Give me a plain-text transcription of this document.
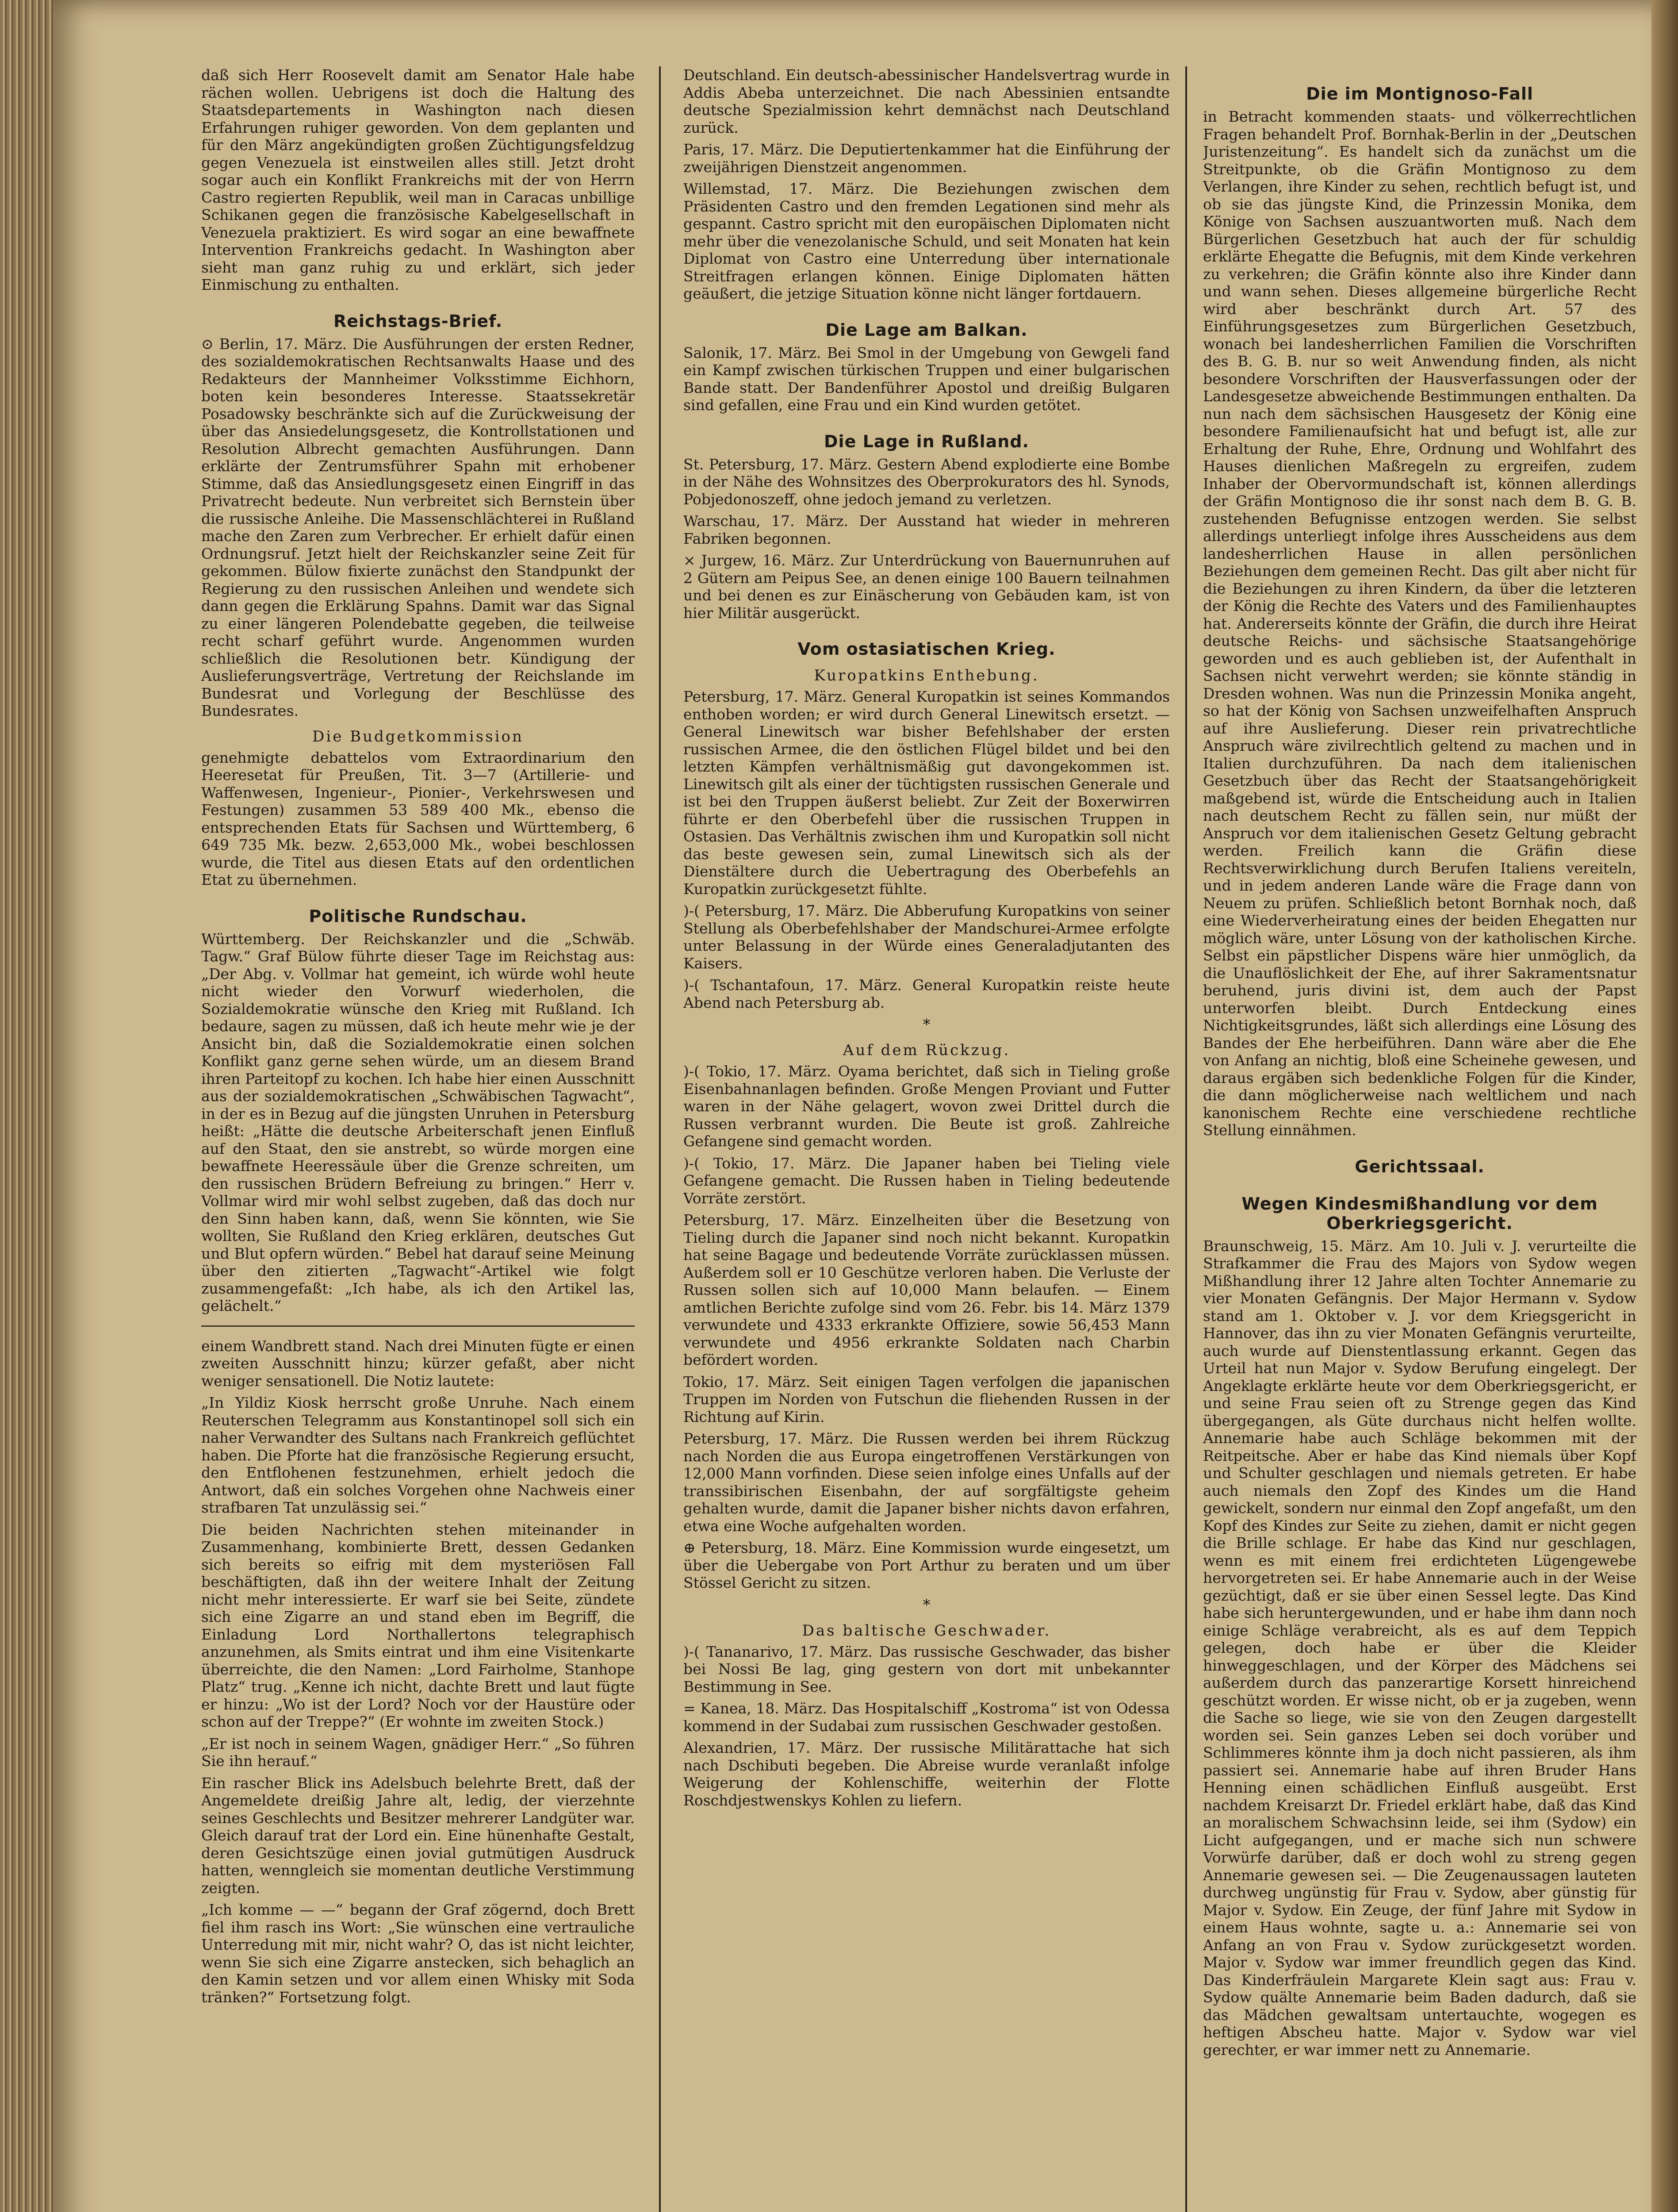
daß sich Herr Roosevelt damit am Senator Hale habe rächen wollen. Uebrigens ist doch die Haltung des Staatsdepartements in Washington nach diesen Erfahrungen ruhiger geworden. Von dem geplanten und für den März angekündigten großen Züchtigungsfeldzug gegen Venezuela ist einstweilen alles still. Jetzt droht sogar auch ein Konflikt Frankreichs mit der von Herrn Castro regierten Republik, weil man in Caracas unbillige Schikanen gegen die französische Kabelgesellschaft in Venezuela praktiziert. Es wird sogar an eine bewaffnete Intervention Frankreichs gedacht. In Washington aber sieht man ganz ruhig zu und erklärt, sich jeder Einmischung zu enthalten.

Reichstags-Brief.

⊙ Berlin, 17. März. Die Ausführungen der ersten Redner, des sozialdemokratischen Rechtsanwalts Haase und des Redakteurs der Mannheimer Volksstimme Eichhorn, boten kein besonderes Interesse. Staatssekretär Posadowsky beschränkte sich auf die Zurückweisung der über das Ansiedelungsgesetz, die Kontrollstationen und Resolution Albrecht gemachten Ausführungen. Dann erklärte der Zentrumsführer Spahn mit erhobener Stimme, daß das Ansiedlungsgesetz einen Eingriff in das Privatrecht bedeute. Nun verbreitet sich Bernstein über die russische Anleihe. Die Massenschlächterei in Rußland mache den Zaren zum Verbrecher. Er erhielt dafür einen Ordnungsruf. Jetzt hielt der Reichskanzler seine Zeit für gekommen. Bülow fixierte zunächst den Standpunkt der Regierung zu den russischen Anleihen und wendete sich dann gegen die Erklärung Spahns. Damit war das Signal zu einer längeren Polendebatte gegeben, die teilweise recht scharf geführt wurde. Angenommen wurden schließlich die Resolutionen betr. Kündigung der Auslieferungsverträge, Vertretung der Reichslande im Bundesrat und Vorlegung der Beschlüsse des Bundesrates.

Die Budgetkommission

genehmigte debattelos vom Extraordinarium den Heeresetat für Preußen, Tit. 3—7 (Artillerie- und Waffenwesen, Ingenieur-, Pionier-, Verkehrswesen und Festungen) zusammen 53 589 400 Mk., ebenso die entsprechenden Etats für Sachsen und Württemberg, 6 649 735 Mk. bezw. 2,653,000 Mk., wobei beschlossen wurde, die Titel aus diesen Etats auf den ordentlichen Etat zu übernehmen.

Politische Rundschau.

Württemberg. Der Reichskanzler und die „Schwäb. Tagw.“ Graf Bülow führte dieser Tage im Reichstag aus: „Der Abg. v. Vollmar hat gemeint, ich würde wohl heute nicht wieder den Vorwurf wiederholen, die Sozialdemokratie wünsche den Krieg mit Rußland. Ich bedaure, sagen zu müssen, daß ich heute mehr wie je der Ansicht bin, daß die Sozialdemokratie einen solchen Konflikt ganz gerne sehen würde, um an diesem Brand ihren Parteitopf zu kochen. Ich habe hier einen Ausschnitt aus der sozialdemokratischen „Schwäbischen Tagwacht“, in der es in Bezug auf die jüngsten Unruhen in Petersburg heißt: „Hätte die deutsche Arbeiterschaft jenen Einfluß auf den Staat, den sie anstrebt, so würde morgen eine bewaffnete Heeressäule über die Grenze schreiten, um den russischen Brüdern Befreiung zu bringen.“ Herr v. Vollmar wird mir wohl selbst zugeben, daß das doch nur den Sinn haben kann, daß, wenn Sie könnten, wie Sie wollten, Sie Rußland den Krieg erklären, deutsches Gut und Blut opfern würden.“ Bebel hat darauf seine Meinung über den zitierten „Tagwacht“-Artikel wie folgt zusammengefaßt: „Ich habe, als ich den Artikel las, gelächelt.“

einem Wandbrett stand. Nach drei Minuten fügte er einen zweiten Ausschnitt hinzu; kürzer gefaßt, aber nicht weniger sensationell. Die Notiz lautete:

„In Yildiz Kiosk herrscht große Unruhe. Nach einem Reuterschen Telegramm aus Konstantinopel soll sich ein naher Verwandter des Sultans nach Frankreich geflüchtet haben. Die Pforte hat die französische Regierung ersucht, den Entflohenen festzunehmen, erhielt jedoch die Antwort, daß ein solches Vorgehen ohne Nachweis einer strafbaren Tat unzulässig sei.“

Die beiden Nachrichten stehen miteinander in Zusammenhang, kombinierte Brett, dessen Gedanken sich bereits so eifrig mit dem mysteriösen Fall beschäftigten, daß ihn der weitere Inhalt der Zeitung nicht mehr interessierte. Er warf sie bei Seite, zündete sich eine Zigarre an und stand eben im Begriff, die Einladung Lord Northallertons telegraphisch anzunehmen, als Smits eintrat und ihm eine Visitenkarte überreichte, die den Namen: „Lord Fairholme, Stanhope Platz“ trug. „Kenne ich nicht, dachte Brett und laut fügte er hinzu: „Wo ist der Lord? Noch vor der Haustüre oder schon auf der Treppe?“ (Er wohnte im zweiten Stock.)

„Er ist noch in seinem Wagen, gnädiger Herr.“ „So führen Sie ihn herauf.“

Ein rascher Blick ins Adelsbuch belehrte Brett, daß der Angemeldete dreißig Jahre alt, ledig, der vierzehnte seines Geschlechts und Besitzer mehrerer Landgüter war. Gleich darauf trat der Lord ein. Eine hünenhafte Gestalt, deren Gesichtszüge einen jovial gutmütigen Ausdruck hatten, wenngleich sie momentan deutliche Verstimmung zeigten.

„Ich komme — —“ begann der Graf zögernd, doch Brett fiel ihm rasch ins Wort: „Sie wünschen eine vertrauliche Unterredung mit mir, nicht wahr? O, das ist nicht leichter, wenn Sie sich eine Zigarre anstecken, sich behaglich an den Kamin setzen und vor allem einen Whisky mit Soda tränken?“ Fortsetzung folgt.

Deutschland. Ein deutsch-abessinischer Handelsvertrag wurde in Addis Abeba unterzeichnet. Die nach Abessinien entsandte deutsche Spezialmission kehrt demnächst nach Deutschland zurück.

Paris, 17. März. Die Deputiertenkammer hat die Einführung der zweijährigen Dienstzeit angenommen.

Willemstad, 17. März. Die Beziehungen zwischen dem Präsidenten Castro und den fremden Legationen sind mehr als gespannt. Castro spricht mit den europäischen Diplomaten nicht mehr über die venezolanische Schuld, und seit Monaten hat kein Diplomat von Castro eine Unterredung über internationale Streitfragen erlangen können. Einige Diplomaten hätten geäußert, die jetzige Situation könne nicht länger fortdauern.

Die Lage am Balkan.

Salonik, 17. März. Bei Smol in der Umgebung von Gewgeli fand ein Kampf zwischen türkischen Truppen und einer bulgarischen Bande statt. Der Bandenführer Apostol und dreißig Bulgaren sind gefallen, eine Frau und ein Kind wurden getötet.

Die Lage in Rußland.

St. Petersburg, 17. März. Gestern Abend explodierte eine Bombe in der Nähe des Wohnsitzes des Oberprokurators des hl. Synods, Pobjedonoszeff, ohne jedoch jemand zu verletzen.

Warschau, 17. März. Der Ausstand hat wieder in mehreren Fabriken begonnen.

× Jurgew, 16. März. Zur Unterdrückung von Bauernunruhen auf 2 Gütern am Peipus See, an denen einige 100 Bauern teilnahmen und bei denen es zur Einäscherung von Gebäuden kam, ist von hier Militär ausgerückt.

Vom ostasiatischen Krieg.
Kuropatkins Enthebung.

Petersburg, 17. März. General Kuropatkin ist seines Kommandos enthoben worden; er wird durch General Linewitsch ersetzt. — General Linewitsch war bisher Befehlshaber der ersten russischen Armee, die den östlichen Flügel bildet und bei den letzten Kämpfen verhältnismäßig gut davongekommen ist. Linewitsch gilt als einer der tüchtigsten russischen Generale und ist bei den Truppen äußerst beliebt. Zur Zeit der Boxerwirren führte er den Oberbefehl über die russischen Truppen in Ostasien. Das Verhältnis zwischen ihm und Kuropatkin soll nicht das beste gewesen sein, zumal Linewitsch sich als der Dienstältere durch die Uebertragung des Oberbefehls an Kuropatkin zurückgesetzt fühlte.

)-( Petersburg, 17. März. Die Abberufung Kuropatkins von seiner Stellung als Oberbefehlshaber der Mandschurei-Armee erfolgte unter Belassung in der Würde eines Generaladjutanten des Kaisers.

)-( Tschantafoun, 17. März. General Kuropatkin reiste heute Abend nach Petersburg ab.

*
Auf dem Rückzug.

)-( Tokio, 17. März. Oyama berichtet, daß sich in Tieling große Eisenbahnanlagen befinden. Große Mengen Proviant und Futter waren in der Nähe gelagert, wovon zwei Drittel durch die Russen verbrannt wurden. Die Beute ist groß. Zahlreiche Gefangene sind gemacht worden.

)-( Tokio, 17. März. Die Japaner haben bei Tieling viele Gefangene gemacht. Die Russen haben in Tieling bedeutende Vorräte zerstört.

Petersburg, 17. März. Einzelheiten über die Besetzung von Tieling durch die Japaner sind noch nicht bekannt. Kuropatkin hat seine Bagage und bedeutende Vorräte zurücklassen müssen. Außerdem soll er 10 Geschütze verloren haben. Die Verluste der Russen sollen sich auf 10,000 Mann belaufen. — Einem amtlichen Berichte zufolge sind vom 26. Febr. bis 14. März 1379 verwundete und 4333 erkrankte Offiziere, sowie 56,453 Mann verwundete und 4956 erkrankte Soldaten nach Charbin befördert worden.

Tokio, 17. März. Seit einigen Tagen verfolgen die japanischen Truppen im Norden von Futschun die fliehenden Russen in der Richtung auf Kirin.

Petersburg, 17. März. Die Russen werden bei ihrem Rückzug nach Norden die aus Europa eingetroffenen Verstärkungen von 12,000 Mann vorfinden. Diese seien infolge eines Unfalls auf der transsibirischen Eisenbahn, der auf sorgfältigste geheim gehalten wurde, damit die Japaner bisher nichts davon erfahren, etwa eine Woche aufgehalten worden.

⊕ Petersburg, 18. März. Eine Kommission wurde eingesetzt, um über die Uebergabe von Port Arthur zu beraten und um über Stössel Gericht zu sitzen.

*
Das baltische Geschwader.

)-( Tananarivo, 17. März. Das russische Geschwader, das bisher bei Nossi Be lag, ging gestern von dort mit unbekannter Bestimmung in See.

= Kanea, 18. März. Das Hospitalschiff „Kostroma“ ist von Odessa kommend in der Sudabai zum russischen Geschwader gestoßen.

Alexandrien, 17. März. Der russische Militärattache hat sich nach Dschibuti begeben. Die Abreise wurde veranlaßt infolge Weigerung der Kohlenschiffe, weiterhin der Flotte Roschdjestwenskys Kohlen zu liefern.

Die im Montignoso-Fall

in Betracht kommenden staats- und völkerrechtlichen Fragen behandelt Prof. Bornhak-Berlin in der „Deutschen Juristenzeitung“. Es handelt sich da zunächst um die Streitpunkte, ob die Gräfin Montignoso zu dem Verlangen, ihre Kinder zu sehen, rechtlich befugt ist, und ob sie das jüngste Kind, die Prinzessin Monika, dem Könige von Sachsen auszuantworten muß. Nach dem Bürgerlichen Gesetzbuch hat auch der für schuldig erklärte Ehegatte die Befugnis, mit dem Kinde verkehren zu verkehren; die Gräfin könnte also ihre Kinder dann und wann sehen. Dieses allgemeine bürgerliche Recht wird aber beschränkt durch Art. 57 des Einführungsgesetzes zum Bürgerlichen Gesetzbuch, wonach bei landesherrlichen Familien die Vorschriften des B. G. B. nur so weit Anwendung finden, als nicht besondere Vorschriften der Hausverfassungen oder der Landesgesetze abweichende Bestimmungen enthalten. Da nun nach dem sächsischen Hausgesetz der König eine besondere Familienaufsicht hat und befugt ist, alle zur Erhaltung der Ruhe, Ehre, Ordnung und Wohlfahrt des Hauses dienlichen Maßregeln zu ergreifen, zudem Inhaber der Obervormundschaft ist, können allerdings der Gräfin Montignoso die ihr sonst nach dem B. G. B. zustehenden Befugnisse entzogen werden. Sie selbst allerdings unterliegt infolge ihres Ausscheidens aus dem landesherrlichen Hause in allen persönlichen Beziehungen dem gemeinen Recht. Das gilt aber nicht für die Beziehungen zu ihren Kindern, da über die letzteren der König die Rechte des Vaters und des Familienhauptes hat. Andererseits könnte der Gräfin, die durch ihre Heirat deutsche Reichs- und sächsische Staatsangehörige geworden und es auch geblieben ist, der Aufenthalt in Sachsen nicht verwehrt werden; sie könnte ständig in Dresden wohnen. Was nun die Prinzessin Monika angeht, so hat der König von Sachsen unzweifelhaften Anspruch auf ihre Auslieferung. Dieser rein privatrechtliche Anspruch wäre zivilrechtlich geltend zu machen und in Italien durchzuführen. Da nach dem italienischen Gesetzbuch über das Recht der Staatsangehörigkeit maßgebend ist, würde die Entscheidung auch in Italien nach deutschem Recht zu fällen sein, nur müßt der Anspruch vor dem italienischen Gesetz Geltung gebracht werden. Freilich kann die Gräfin diese Rechtsverwirklichung durch Berufen Italiens vereiteln, und in jedem anderen Lande wäre die Frage dann von Neuem zu prüfen. Schließlich betont Bornhak noch, daß eine Wiederverheiratung eines der beiden Ehegatten nur möglich wäre, unter Lösung von der katholischen Kirche. Selbst ein päpstlicher Dispens wäre hier unmöglich, da die Unauflöslichkeit der Ehe, auf ihrer Sakramentsnatur beruhend, juris divini ist, dem auch der Papst unterworfen bleibt. Durch Entdeckung eines Nichtigkeitsgrundes, läßt sich allerdings eine Lösung des Bandes der Ehe herbeiführen. Dann wäre aber die Ehe von Anfang an nichtig, bloß eine Scheinehe gewesen, und daraus ergäben sich bedenkliche Folgen für die Kinder, die dann möglicherweise nach weltlichem und nach kanonischem Rechte eine verschiedene rechtliche Stellung einnähmen.

Gerichtssaal.
Wegen Kindesmißhandlung vor dem Oberkriegsgericht.

Braunschweig, 15. März. Am 10. Juli v. J. verurteilte die Strafkammer die Frau des Majors von Sydow wegen Mißhandlung ihrer 12 Jahre alten Tochter Annemarie zu vier Monaten Gefängnis. Der Major Hermann v. Sydow stand am 1. Oktober v. J. vor dem Kriegsgericht in Hannover, das ihn zu vier Monaten Gefängnis verurteilte, auch wurde auf Dienstentlassung erkannt. Gegen das Urteil hat nun Major v. Sydow Berufung eingelegt. Der Angeklagte erklärte heute vor dem Oberkriegsgericht, er und seine Frau seien oft zu Strenge gegen das Kind übergegangen, als Güte durchaus nicht helfen wollte. Annemarie habe auch Schläge bekommen mit der Reitpeitsche. Aber er habe das Kind niemals über Kopf und Schulter geschlagen und niemals getreten. Er habe auch niemals den Zopf des Kindes um die Hand gewickelt, sondern nur einmal den Zopf angefaßt, um den Kopf des Kindes zur Seite zu ziehen, damit er nicht gegen die Brille schlage. Er habe das Kind nur geschlagen, wenn es mit einem frei erdichteten Lügengewebe hervorgetreten sei. Er habe Annemarie auch in der Weise gezüchtigt, daß er sie über einen Sessel legte. Das Kind habe sich heruntergewunden, und er habe ihm dann noch einige Schläge verabreicht, als es auf dem Teppich gelegen, doch habe er über die Kleider hinweggeschlagen, und der Körper des Mädchens sei außerdem durch das panzerartige Korsett hinreichend geschützt worden. Er wisse nicht, ob er ja zugeben, wenn die Sache so liege, wie sie von den Zeugen dargestellt worden sei. Sein ganzes Leben sei doch vorüber und Schlimmeres könnte ihm ja doch nicht passieren, als ihm passiert sei. Annemarie habe auf ihren Bruder Hans Henning einen schädlichen Einfluß ausgeübt. Erst nachdem Kreisarzt Dr. Friedel erklärt habe, daß das Kind an moralischem Schwachsinn leide, sei ihm (Sydow) ein Licht aufgegangen, und er mache sich nun schwere Vorwürfe darüber, daß er doch wohl zu streng gegen Annemarie gewesen sei. — Die Zeugenaussagen lauteten durchweg ungünstig für Frau v. Sydow, aber günstig für Major v. Sydow. Ein Zeuge, der fünf Jahre mit Sydow in einem Haus wohnte, sagte u. a.: Annemarie sei von Anfang an von Frau v. Sydow zurückgesetzt worden. Major v. Sydow war immer freundlich gegen das Kind. Das Kinderfräulein Margarete Klein sagt aus: Frau v. Sydow quälte Annemarie beim Baden dadurch, daß sie das Mädchen gewaltsam untertauchte, wogegen es heftigen Abscheu hatte. Major v. Sydow war viel gerechter, er war immer nett zu Annemarie.
